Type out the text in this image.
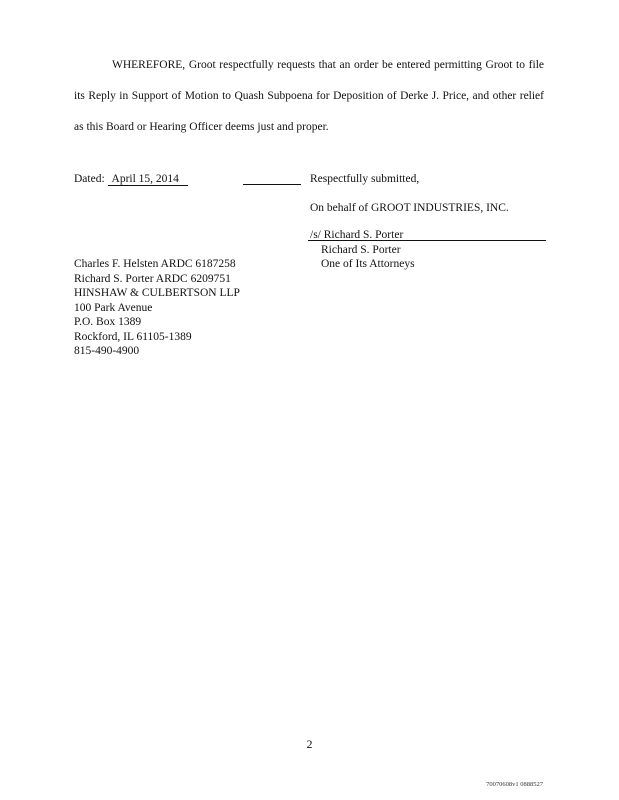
WHEREFORE, Groot respectfully requests that an order be entered permitting Groot to file its Reply in Support of Motion to Quash Subpoena for Deposition of Derke J. Price, and other relief as this Board or Hearing Officer deems just and proper.
Dated: April 15, 2014	Respectfully submitted,
On behalf of GROOT INDUSTRIES, INC.
/s/ Richard S. Porter
Richard S. Porter
One of Its Attorneys
Charles F. Helsten ARDC 6187258
Richard S. Porter ARDC 6209751
HINSHAW & CULBERTSON LLP
100 Park Avenue
P.O. Box 1389
Rockford, IL 61105-1389
815-490-4900
2
70070608v1 0888527
